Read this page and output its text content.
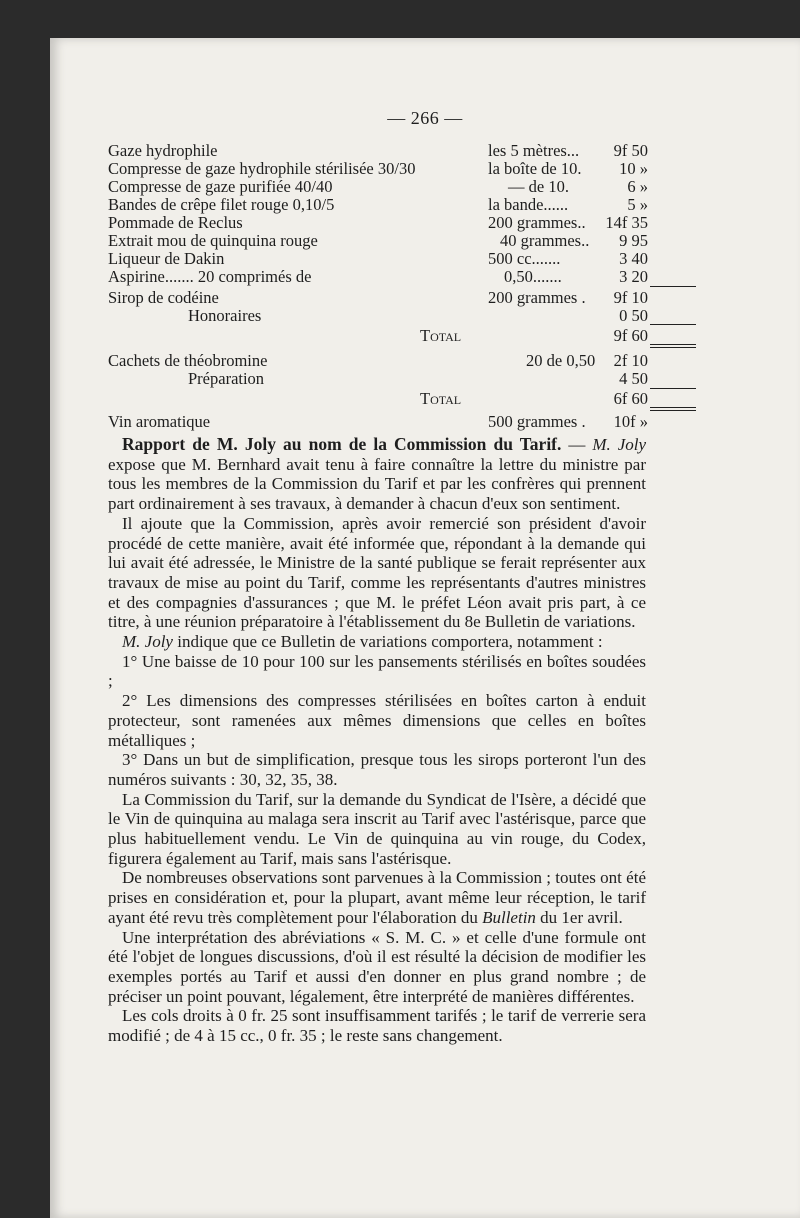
— 266 —
Gaze hydrophile	les 5 mètres...	9f 50
Compresse de gaze hydrophile stérilisée 30/30	la boîte de 10.	10 »
Compresse de gaze purifiée 40/40	— de 10.	6 »
Bandes de crêpe filet rouge 0,10/5	la bande......	5 »
Pommade de Reclus	200 grammes..	14f 35
Extrait mou de quinquina rouge	40 grammes..	9 95
Liqueur de Dakin	500 cc.......	3 40
Aspirine....... 20 comprimés de	0,50.......	3 20
Sirop de codéine	200 grammes .	9f 10
Honoraires	0 50
Total	9f 60
Cachets de théobromine	20 de 0,50	2f 10
Préparation	4 50
Total	6f 60
Vin aromatique	500 grammes .	10f »
Rapport de M. Joly au nom de la Commission du Tarif. — M. Joly expose que M. Bernhard avait tenu à faire connaître la lettre du ministre par tous les membres de la Commission du Tarif et par les confrères qui prennent part ordinairement à ses travaux, à demander à chacun d'eux son sentiment.
Il ajoute que la Commission, après avoir remercié son président d'avoir procédé de cette manière, avait été informée que, répondant à la demande qui lui avait été adressée, le Ministre de la santé publique se ferait représenter aux travaux de mise au point du Tarif, comme les représentants d'autres ministres et des compagnies d'assurances ; que M. le préfet Léon avait pris part, à ce titre, à une réunion préparatoire à l'établissement du 8e Bulletin de variations.
M. Joly indique que ce Bulletin de variations comportera, notamment :
1° Une baisse de 10 pour 100 sur les pansements stérilisés en boîtes soudées ;
2° Les dimensions des compresses stérilisées en boîtes carton à enduit protecteur, sont ramenées aux mêmes dimensions que celles en boîtes métalliques ;
3° Dans un but de simplification, presque tous les sirops porteront l'un des numéros suivants : 30, 32, 35, 38.
La Commission du Tarif, sur la demande du Syndicat de l'Isère, a décidé que le Vin de quinquina au malaga sera inscrit au Tarif avec l'astérisque, parce que plus habituellement vendu. Le Vin de quinquina au vin rouge, du Codex, figurera également au Tarif, mais sans l'astérisque.
De nombreuses observations sont parvenues à la Commission ; toutes ont été prises en considération et, pour la plupart, avant même leur réception, le tarif ayant été revu très complètement pour l'élaboration du Bulletin du 1er avril.
Une interprétation des abréviations « S. M. C. » et celle d'une formule ont été l'objet de longues discussions, d'où il est résulté la décision de modifier les exemples portés au Tarif et aussi d'en donner en plus grand nombre ; de préciser un point pouvant, légalement, être interprété de manières différentes.
Les cols droits à 0 fr. 25 sont insuffisamment tarifés ; le tarif de verrerie sera modifié ; de 4 à 15 cc., 0 fr. 35 ; le reste sans changement.
